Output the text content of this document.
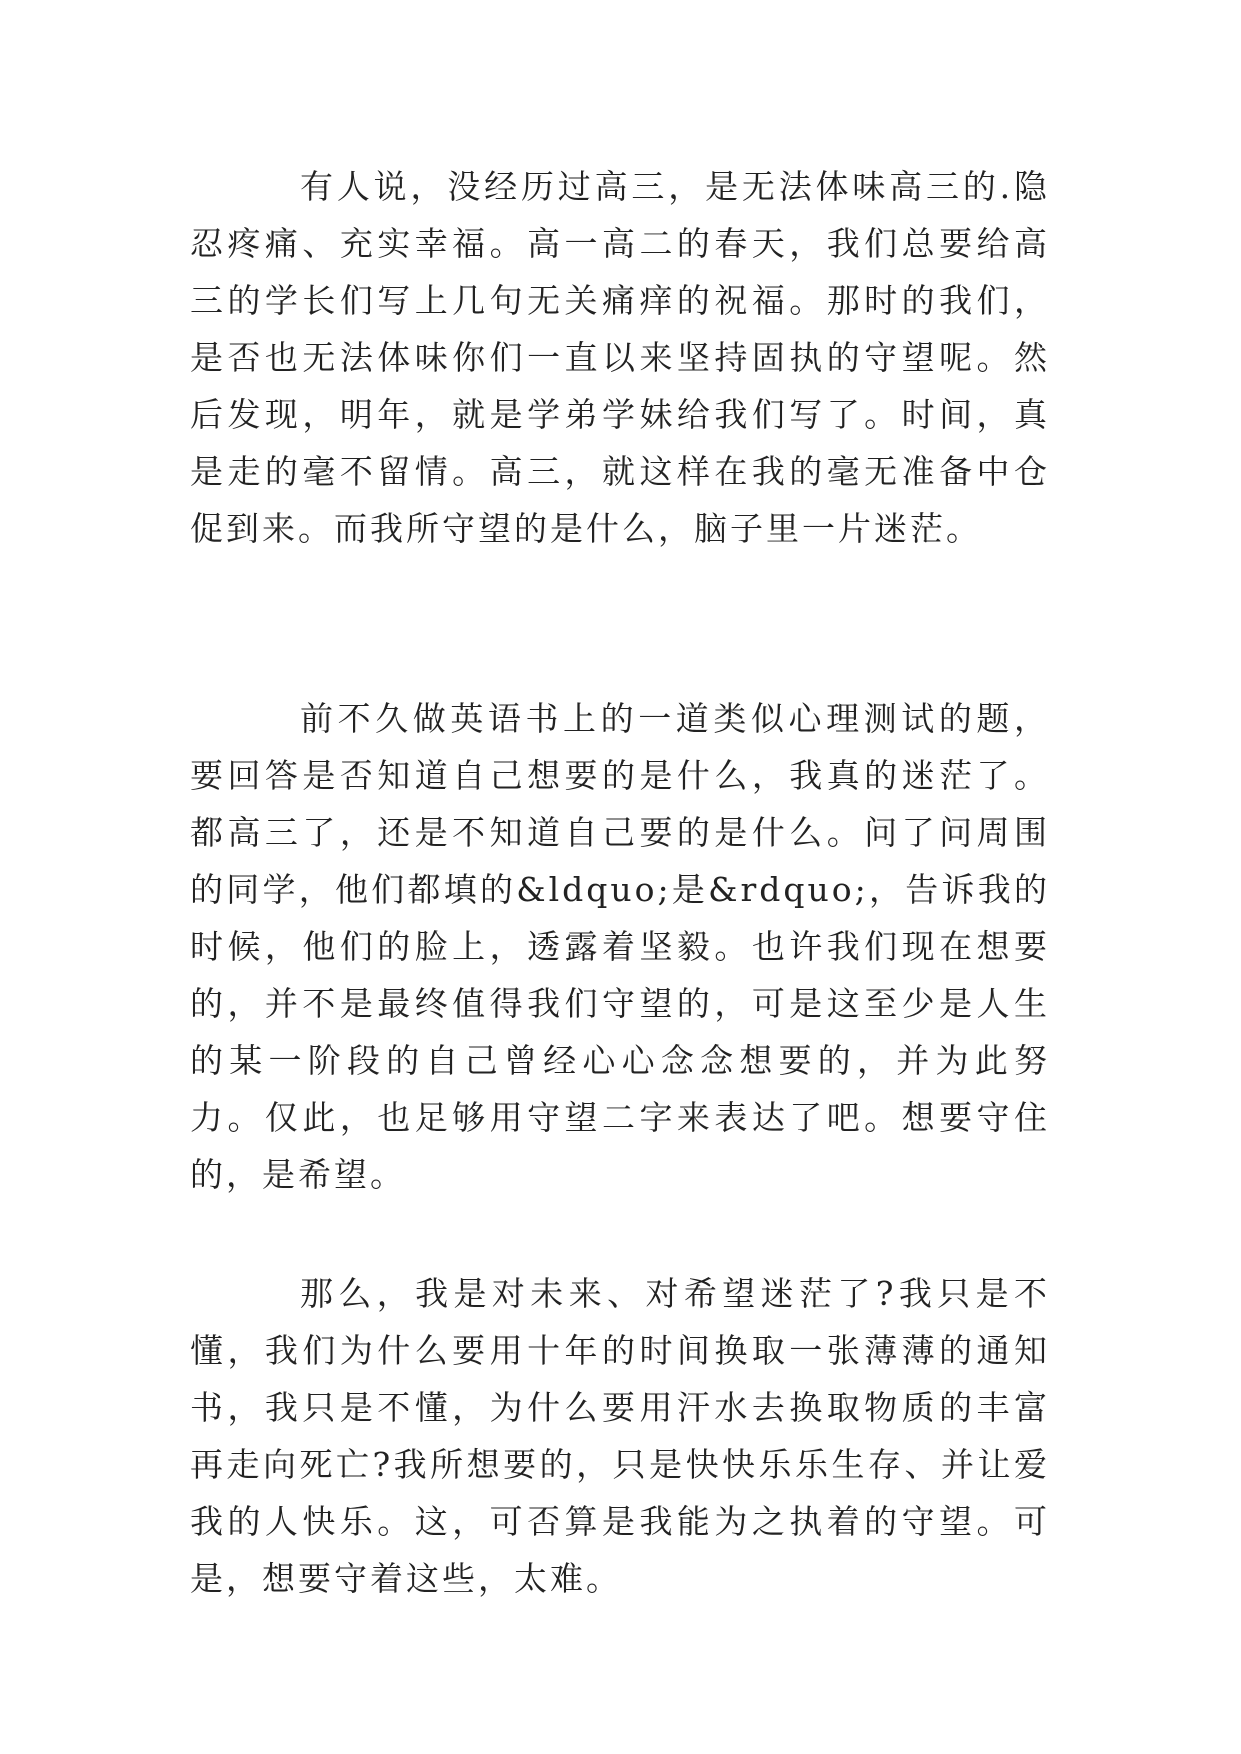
有人说，没经历过高三，是无法体味高三的.隐忍疼痛、充实幸福。高一高二的春天，我们总要给高三的学长们写上几句无关痛痒的祝福。那时的我们，是否也无法体味你们一直以来坚持固执的守望呢。然后发现，明年，就是学弟学妹给我们写了。时间，真是走的毫不留情。高三，就这样在我的毫无准备中仓促到来。而我所守望的是什么，脑子里一片迷茫。

前不久做英语书上的一道类似心理测试的题，要回答是否知道自己想要的是什么，我真的迷茫了。都高三了，还是不知道自己要的是什么。问了问周围的同学，他们都填的&ldquo;是&rdquo;，告诉我的时候，他们的脸上，透露着坚毅。也许我们现在想要的，并不是最终值得我们守望的，可是这至少是人生的某一阶段的自己曾经心心念念想要的，并为此努力。仅此，也足够用守望二字来表达了吧。想要守住的，是希望。

那么，我是对未来、对希望迷茫了?我只是不懂，我们为什么要用十年的时间换取一张薄薄的通知书，我只是不懂，为什么要用汗水去换取物质的丰富再走向死亡?我所想要的，只是快快乐乐生存、并让爱我的人快乐。这，可否算是我能为之执着的守望。可是，想要守着这些，太难。
